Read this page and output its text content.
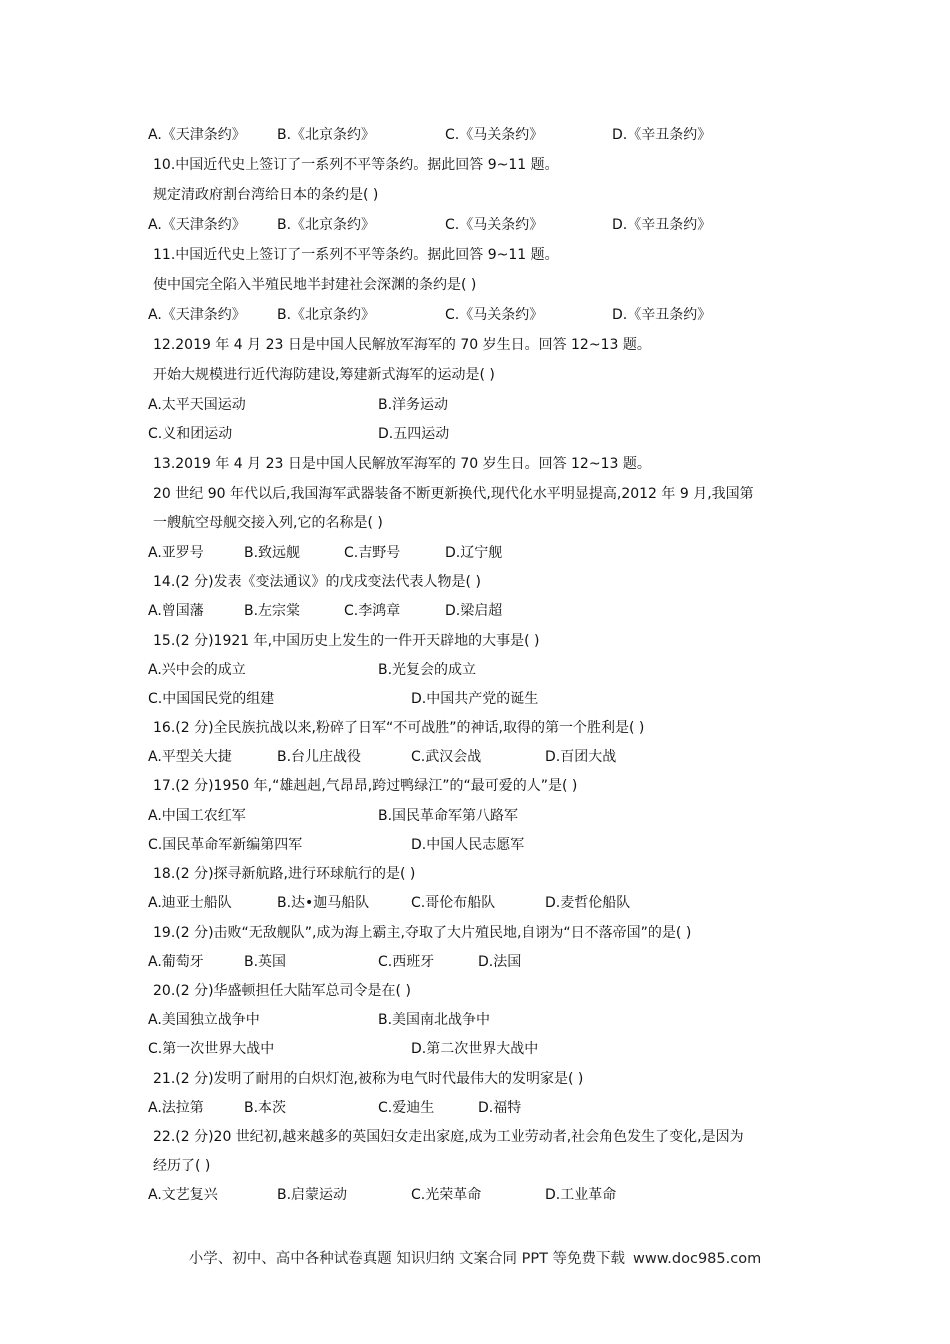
A.《天津条约》 B.《北京条约》	C.《马关条约》	D.《辛丑条约》
10.中国近代史上签订了一系列不平等条约。据此回答 9~11 题。
规定清政府割台湾给日本的条约是( )
A.《天津条约》 B.《北京条约》	C.《马关条约》	D.《辛丑条约》
11.中国近代史上签订了一系列不平等条约。据此回答 9~11 题。
使中国完全陷入半殖民地半封建社会深渊的条约是( )
A.《天津条约》 B.《北京条约》	C.《马关条约》	D.《辛丑条约》
12.2019 年 4 月 23 日是中国人民解放军海军的 70 岁生日。回答 12~13 题。
开始大规模进行近代海防建设,筹建新式海军的运动是( )
A.太平天国运动	B.洋务运动
C.义和团运动	D.五四运动
13.2019 年 4 月 23 日是中国人民解放军海军的 70 岁生日。回答 12~13 题。
20 世纪 90 年代以后,我国海军武器装备不断更新换代,现代化水平明显提高,2012 年 9 月,我国第
一艘航空母舰交接入列,它的名称是( )
A.亚罗号	B.致远舰	C.吉野号	D.辽宁舰
14.(2 分)发表《变法通议》的戊戌变法代表人物是( )
A.曾国藩	B.左宗棠	C.李鸿章	D.梁启超
15.(2 分)1921 年,中国历史上发生的一件开天辟地的大事是( )
A.兴中会的成立	B.光复会的成立
C.中国国民党的组建	D.中国共产党的诞生
16.(2 分)全民族抗战以来,粉碎了日军“不可战胜”的神话,取得的第一个胜利是( )
A.平型关大捷	B.台儿庄战役	C.武汉会战	D.百团大战
17.(2 分)1950 年,“雄赳赳,气昂昂,跨过鸭绿江”的“最可爱的人”是( )
A.中国工农红军	B.国民革命军第八路军
C.国民革命军新编第四军	D.中国人民志愿军
18.(2 分)探寻新航路,进行环球航行的是( )
A.迪亚士船队	B.达•迦马船队	C.哥伦布船队	D.麦哲伦船队
19.(2 分)击败“无敌舰队”,成为海上霸主,夺取了大片殖民地,自诩为“日不落帝国”的是( )
A.葡萄牙	B.英国	C.西班牙	D.法国
20.(2 分)华盛顿担任大陆军总司令是在( )
A.美国独立战争中	B.美国南北战争中
C.第一次世界大战中	D.第二次世界大战中
21.(2 分)发明了耐用的白炽灯泡,被称为电气时代最伟大的发明家是( )
A.法拉第	B.本茨	C.爱迪生	D.福特
22.(2 分)20 世纪初,越来越多的英国妇女走出家庭,成为工业劳动者,社会角色发生了变化,是因为
经历了( )
A.文艺复兴	B.启蒙运动	C.光荣革命	D.工业革命
小学、初中、高中各种试卷真题 知识归纳 文案合同 PPT 等免费下载 www.doc985.com
